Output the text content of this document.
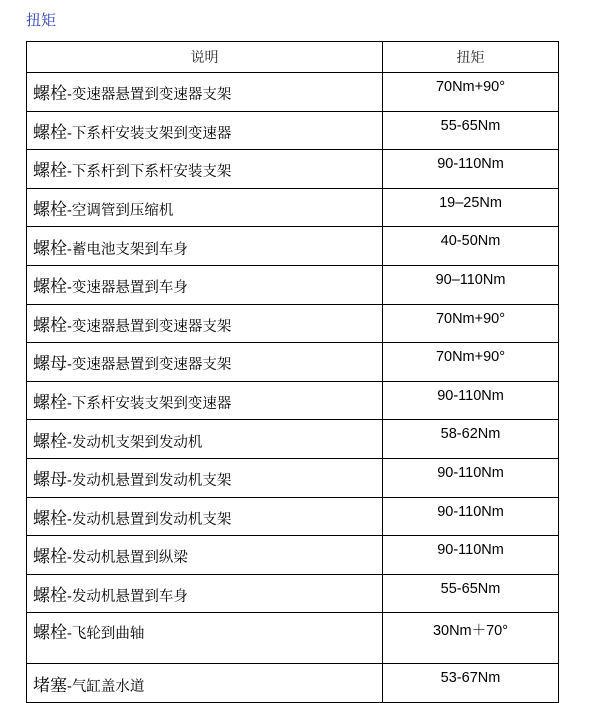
扭矩
说明	扭矩
螺栓-变速器悬置到变速器支架	70Nm+90°
螺栓-下系杆安装支架到变速器	55-65Nm
螺栓-下系杆到下系杆安装支架	90-110Nm
螺栓-空调管到压缩机	19–25Nm
螺栓-蓄电池支架到车身	40-50Nm
螺栓-变速器悬置到车身	90–110Nm
螺栓-变速器悬置到变速器支架	70Nm+90°
螺母-变速器悬置到变速器支架	70Nm+90°
螺栓-下系杆安装支架到变速器	90-110Nm
螺栓-发动机支架到发动机	58-62Nm
螺母-发动机悬置到发动机支架	90-110Nm
螺栓-发动机悬置到发动机支架	90-110Nm
螺栓-发动机悬置到纵梁	90-110Nm
螺栓-发动机悬置到车身	55-65Nm
螺栓-飞轮到曲轴	30Nm＋70°
堵塞-气缸盖水道	53-67Nm
